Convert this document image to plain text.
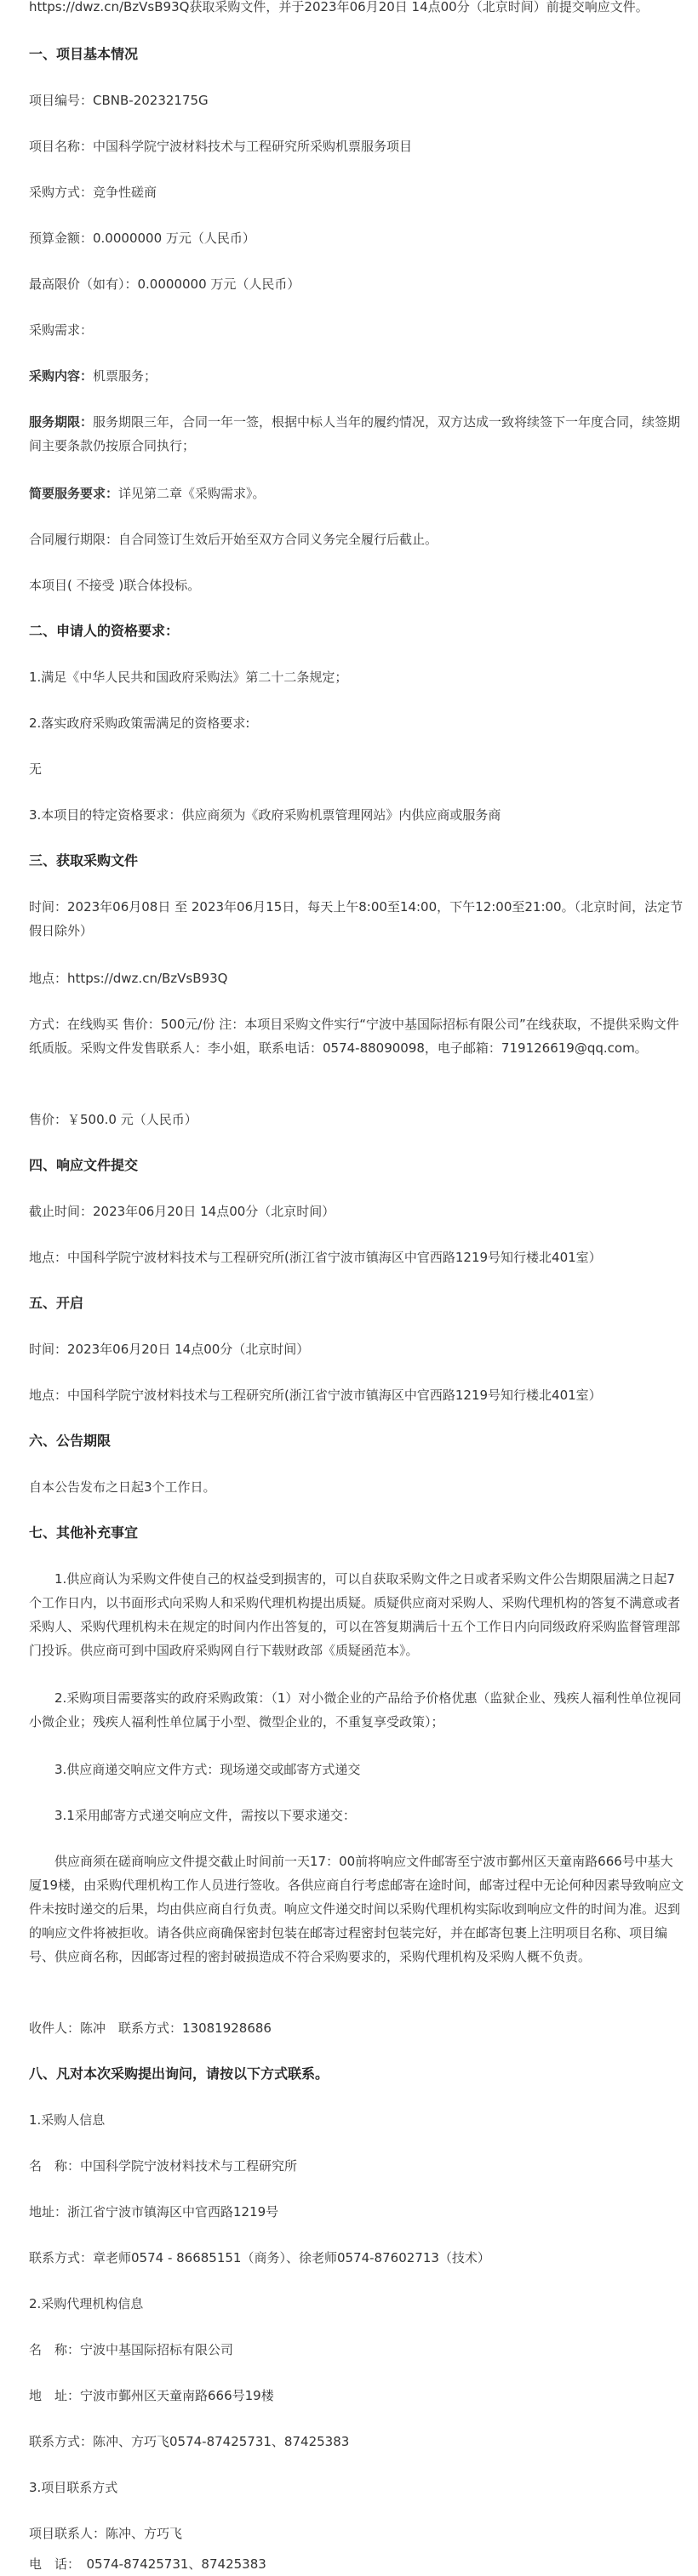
https://dwz.cn/BzVsB93Q获取采购文件，并于2023年06月20日 14点00分（北京时间）前提交响应文件。
一、项目基本情况
项目编号：CBNB-20232175G
项目名称：中国科学院宁波材料技术与工程研究所采购机票服务项目
采购方式：竞争性磋商
预算金额：0.0000000 万元（人民币）
最高限价（如有）：0.0000000 万元（人民币）
采购需求：
采购内容：机票服务；
服务期限：服务期限三年，合同一年一签，根据中标人当年的履约情况，双方达成一致将续签下一年度合同，续签期间主要条款仍按原合同执行；
简要服务要求：详见第二章《采购需求》。
合同履行期限：自合同签订生效后开始至双方合同义务完全履行后截止。
本项目( 不接受 )联合体投标。
二、申请人的资格要求：
1.满足《中华人民共和国政府采购法》第二十二条规定；
2.落实政府采购政策需满足的资格要求:
无
3.本项目的特定资格要求：供应商须为《政府采购机票管理网站》内供应商或服务商
三、获取采购文件
时间：2023年06月08日 至 2023年06月15日，每天上午8:00至14:00，下午12:00至21:00。（北京时间，法定节假日除外）
地点：https://dwz.cn/BzVsB93Q
方式：在线购买 售价：500元/份 注：本项目采购文件实行“宁波中基国际招标有限公司”在线获取，不提供采购文件纸质版。采购文件发售联系人：李小姐，联系电话：0574-88090098，电子邮箱：719126619@qq.com。
售价：￥500.0 元（人民币）
四、响应文件提交
截止时间：2023年06月20日 14点00分（北京时间）
地点：中国科学院宁波材料技术与工程研究所(浙江省宁波市镇海区中官西路1219号知行楼北401室）
五、开启
时间：2023年06月20日 14点00分（北京时间）
地点：中国科学院宁波材料技术与工程研究所(浙江省宁波市镇海区中官西路1219号知行楼北401室）
六、公告期限
自本公告发布之日起3个工作日。
七、其他补充事宜
1.供应商认为采购文件使自己的权益受到损害的，可以自获取采购文件之日或者采购文件公告期限届满之日起7个工作日内，以书面形式向采购人和采购代理机构提出质疑。质疑供应商对采购人、采购代理机构的答复不满意或者采购人、采购代理机构未在规定的时间内作出答复的，可以在答复期满后十五个工作日内向同级政府采购监督管理部门投诉。供应商可到中国政府采购网自行下载财政部《质疑函范本》。
2.采购项目需要落实的政府采购政策：（1）对小微企业的产品给予价格优惠（监狱企业、残疾人福利性单位视同小微企业；残疾人福利性单位属于小型、微型企业的，不重复享受政策）；
3.供应商递交响应文件方式：现场递交或邮寄方式递交
3.1采用邮寄方式递交响应文件，需按以下要求递交：
供应商须在磋商响应文件提交截止时间前一天17：00前将响应文件邮寄至宁波市鄞州区天童南路666号中基大厦19楼，由采购代理机构工作人员进行签收。各供应商自行考虑邮寄在途时间，邮寄过程中无论何种因素导致响应文件未按时递交的后果，均由供应商自行负责。响应文件递交时间以采购代理机构实际收到响应文件的时间为准。迟到的响应文件将被拒收。请各供应商确保密封包装在邮寄过程密封包装完好，并在邮寄包裹上注明项目名称、项目编号、供应商名称，因邮寄过程的密封破损造成不符合采购要求的，采购代理机构及采购人概不负责。
收件人：陈冲　联系方式：13081928686
八、凡对本次采购提出询问，请按以下方式联系。
1.采购人信息
名　称：中国科学院宁波材料技术与工程研究所
地址：浙江省宁波市镇海区中官西路1219号
联系方式：章老师0574 - 86685151（商务）、徐老师0574-87602713（技术）
2.采购代理机构信息
名　称：宁波中基国际招标有限公司
地　址：宁波市鄞州区天童南路666号19楼
联系方式：陈冲、方巧飞0574-87425731、87425383
3.项目联系方式
项目联系人：陈冲、方巧飞
电　话：　0574-87425731、87425383
